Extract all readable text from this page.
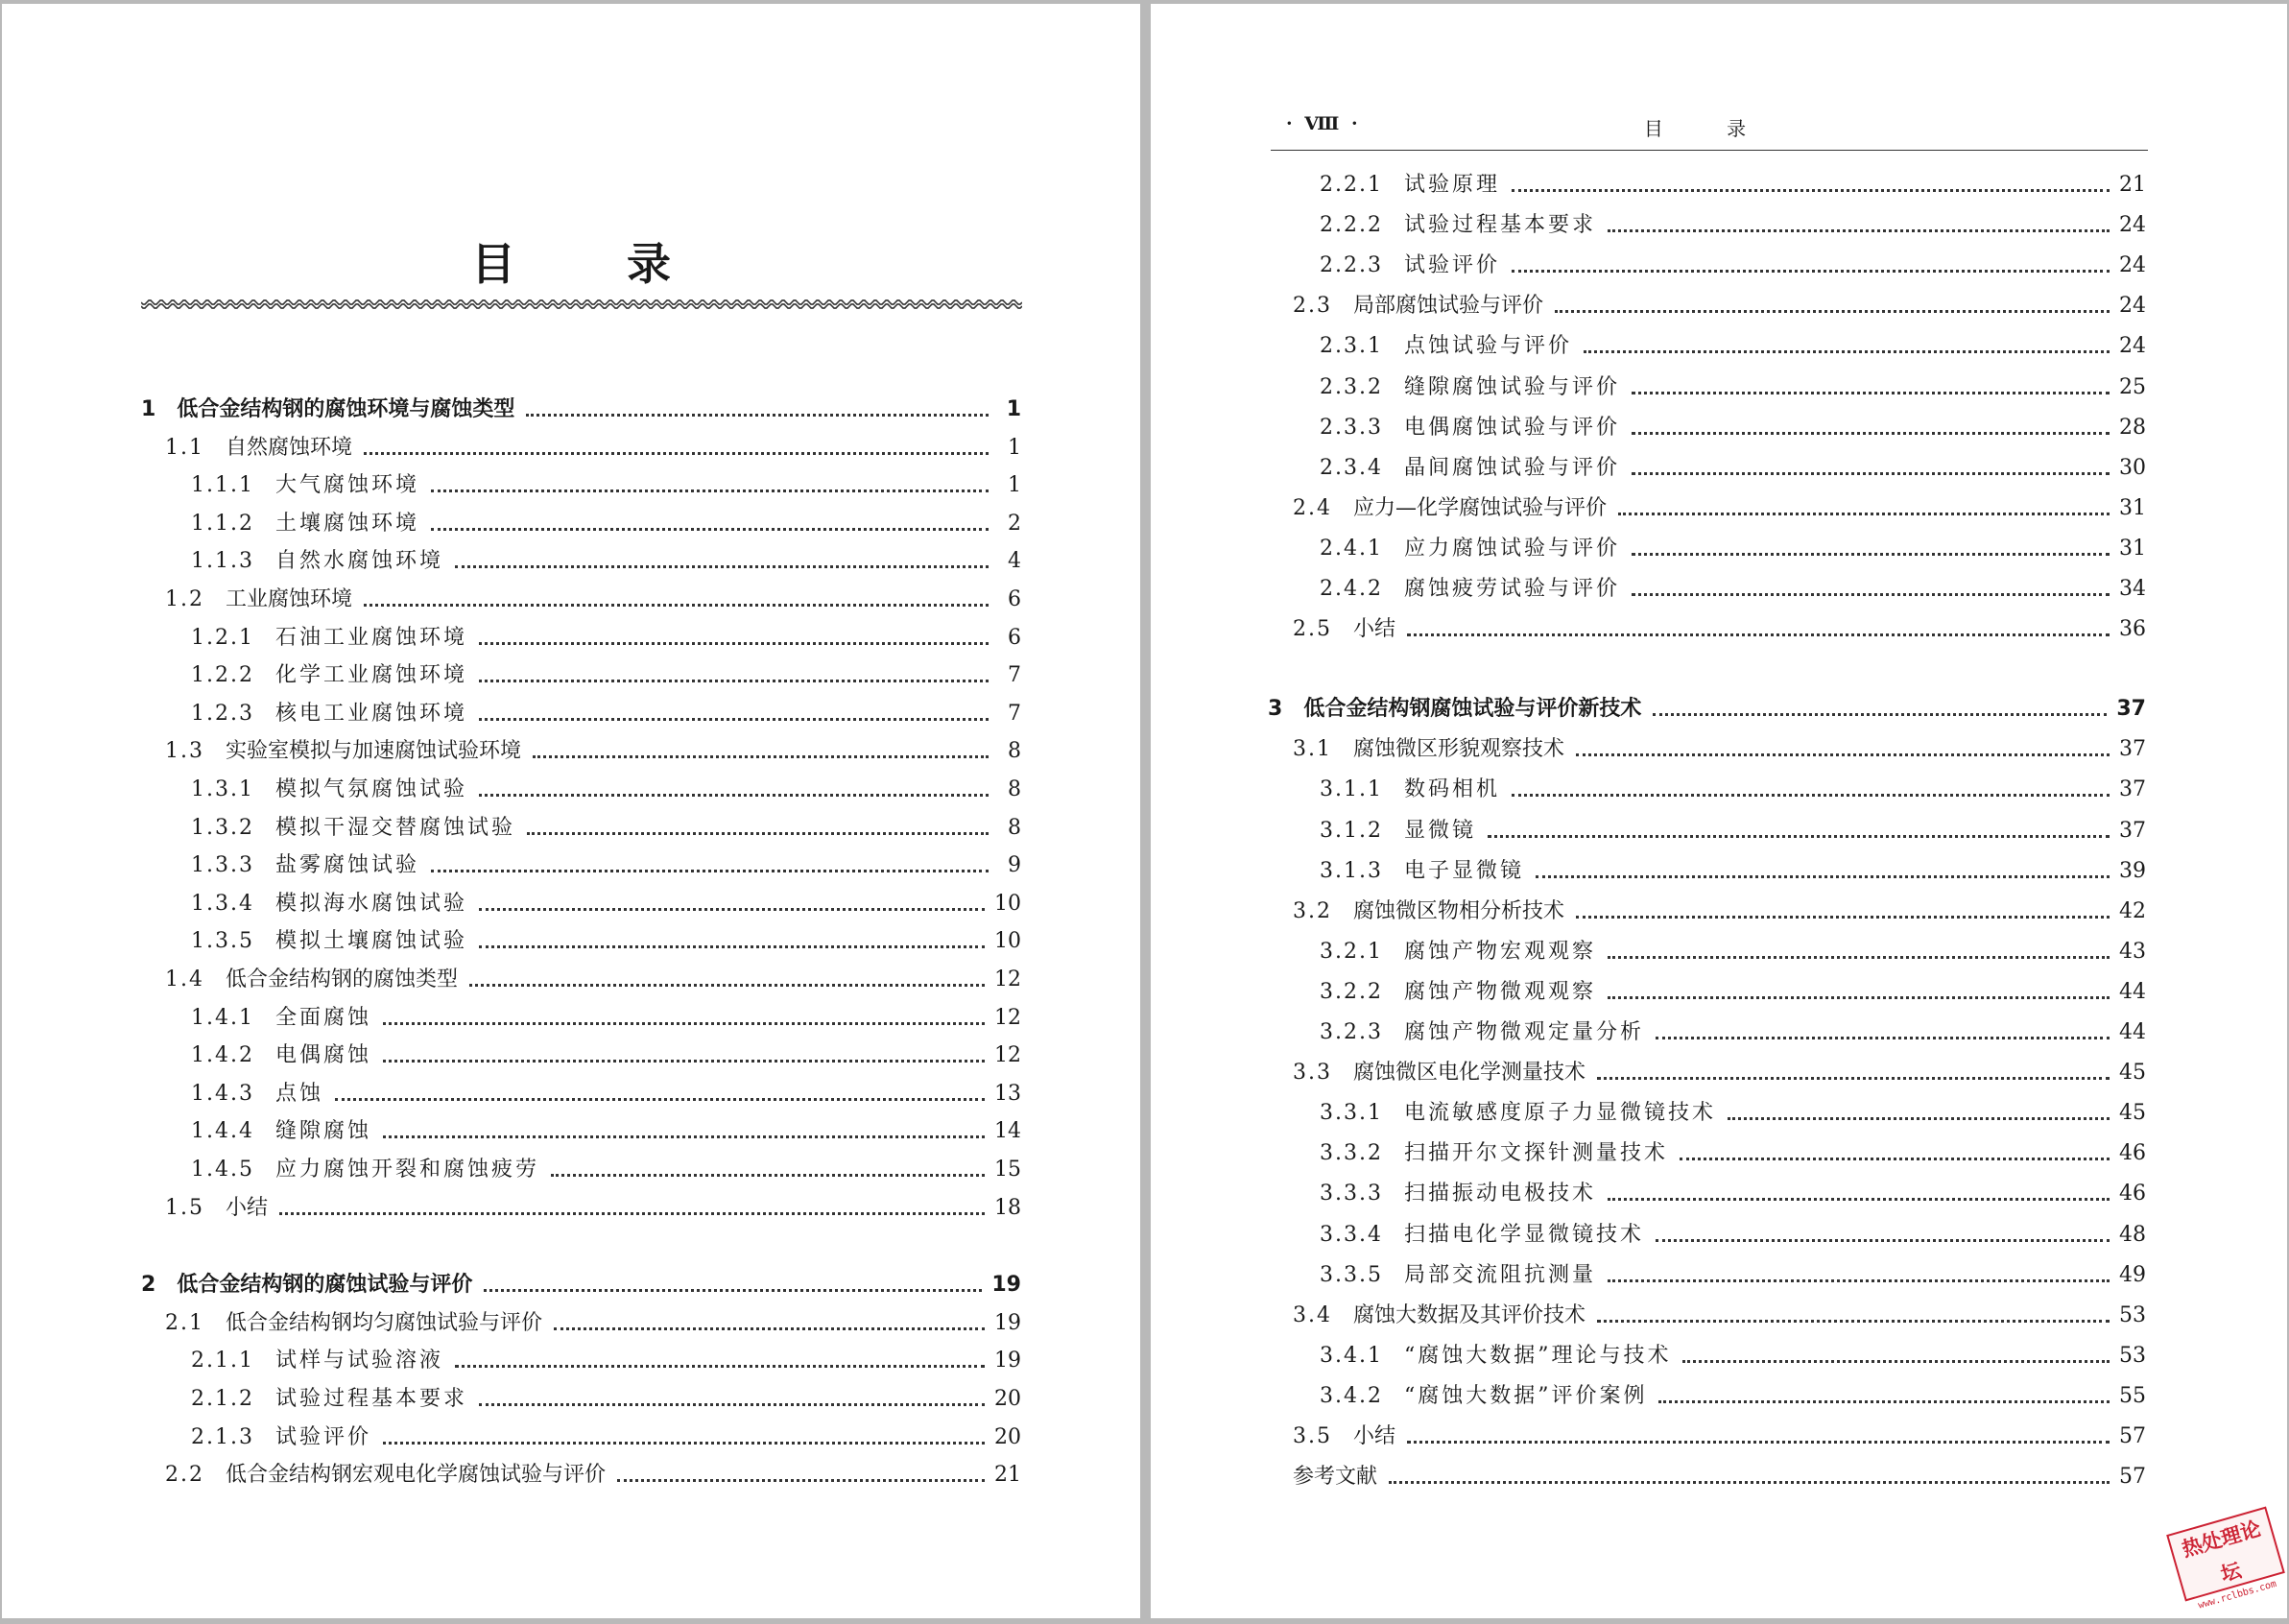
目 录
1 低合金结构钢的腐蚀环境与腐蚀类型	1
1.1 自然腐蚀环境	1
1.1.1 大气腐蚀环境	1
1.1.2 土壤腐蚀环境	2
1.1.3 自然水腐蚀环境	4
1.2 工业腐蚀环境	6
1.2.1 石油工业腐蚀环境	6
1.2.2 化学工业腐蚀环境	7
1.2.3 核电工业腐蚀环境	7
1.3 实验室模拟与加速腐蚀试验环境	8
1.3.1 模拟气氛腐蚀试验	8
1.3.2 模拟干湿交替腐蚀试验	8
1.3.3 盐雾腐蚀试验	9
1.3.4 模拟海水腐蚀试验	10
1.3.5 模拟土壤腐蚀试验	10
1.4 低合金结构钢的腐蚀类型	12
1.4.1 全面腐蚀	12
1.4.2 电偶腐蚀	12
1.4.3 点蚀	13
1.4.4 缝隙腐蚀	14
1.4.5 应力腐蚀开裂和腐蚀疲劳	15
1.5 小结	18
2 低合金结构钢的腐蚀试验与评价	19
2.1 低合金结构钢均匀腐蚀试验与评价	19
2.1.1 试样与试验溶液	19
2.1.2 试验过程基本要求	20
2.1.3 试验评价	20
2.2 低合金结构钢宏观电化学腐蚀试验与评价	21
· Ⅷ ·	目 录
2.2.1 试验原理	21
2.2.2 试验过程基本要求	24
2.2.3 试验评价	24
2.3 局部腐蚀试验与评价	24
2.3.1 点蚀试验与评价	24
2.3.2 缝隙腐蚀试验与评价	25
2.3.3 电偶腐蚀试验与评价	28
2.3.4 晶间腐蚀试验与评价	30
2.4 应力—化学腐蚀试验与评价	31
2.4.1 应力腐蚀试验与评价	31
2.4.2 腐蚀疲劳试验与评价	34
2.5 小结	36
3 低合金结构钢腐蚀试验与评价新技术	37
3.1 腐蚀微区形貌观察技术	37
3.1.1 数码相机	37
3.1.2 显微镜	37
3.1.3 电子显微镜	39
3.2 腐蚀微区物相分析技术	42
3.2.1 腐蚀产物宏观观察	43
3.2.2 腐蚀产物微观观察	44
3.2.3 腐蚀产物微观定量分析	44
3.3 腐蚀微区电化学测量技术	45
3.3.1 电流敏感度原子力显微镜技术	45
3.3.2 扫描开尔文探针测量技术	46
3.3.3 扫描振动电极技术	46
3.3.4 扫描电化学显微镜技术	48
3.3.5 局部交流阻抗测量	49
3.4 腐蚀大数据及其评价技术	53
3.4.1 “腐蚀大数据”理论与技术	53
3.4.2 “腐蚀大数据”评价案例	55
3.5 小结	57
参考文献	57
热处理论坛
www.rclbbs.com
